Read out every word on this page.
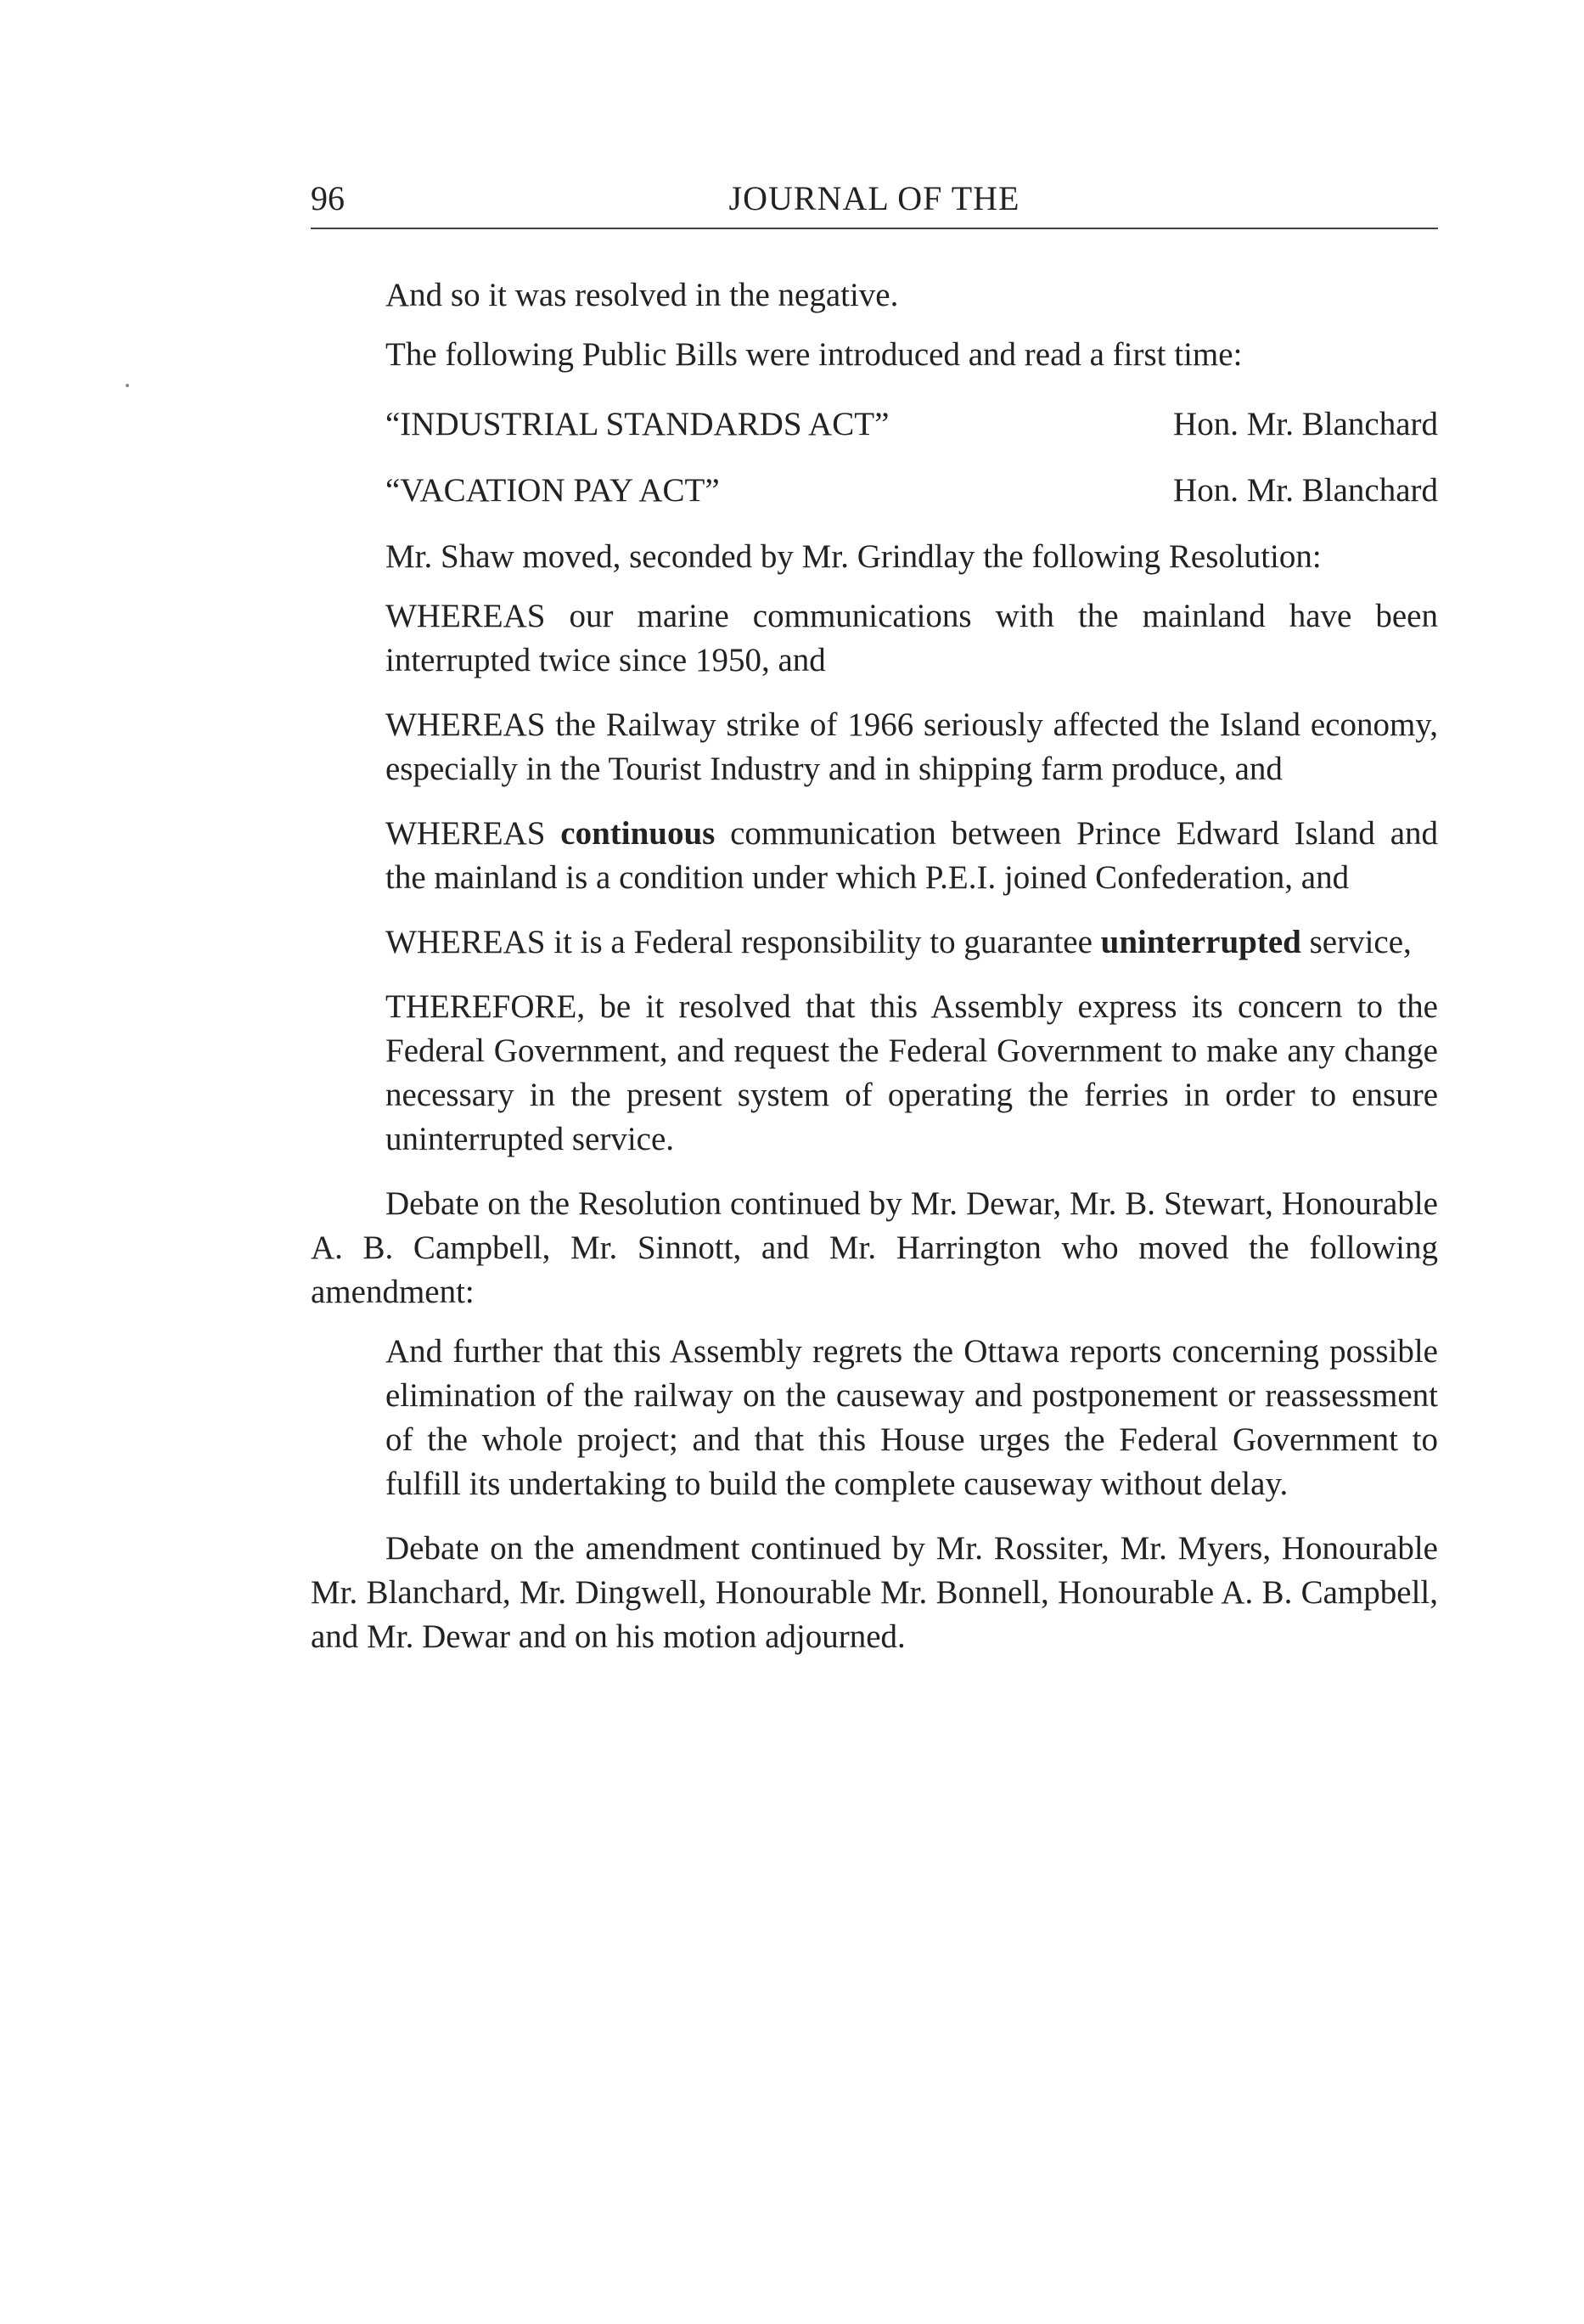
96	JOURNAL OF THE

And so it was resolved in the negative.

The following Public Bills were introduced and read a first time:

“INDUSTRIAL STANDARDS ACT”	Hon. Mr. Blanchard
“VACATION PAY ACT”	Hon. Mr. Blanchard

Mr. Shaw moved, seconded by Mr. Grindlay the following Resolution:

WHEREAS our marine communications with the mainland have been interrupted twice since 1950, and

WHEREAS the Railway strike of 1966 seriously affected the Island economy, especially in the Tourist Industry and in shipping farm produce, and

WHEREAS continuous communication between Prince Edward Island and the mainland is a condition under which P.E.I. joined Confederation, and

WHEREAS it is a Federal responsibility to guarantee uninterrupted service,

THEREFORE, be it resolved that this Assembly express its concern to the Federal Government, and request the Federal Government to make any change necessary in the present system of operating the ferries in order to ensure uninterrupted service.

Debate on the Resolution continued by Mr. Dewar, Mr. B. Stewart, Honourable A. B. Campbell, Mr. Sinnott, and Mr. Harrington who moved the following amendment:

And further that this Assembly regrets the Ottawa reports concerning possible elimination of the railway on the causeway and postponement or reassessment of the whole project; and that this House urges the Federal Government to fulfill its undertaking to build the complete causeway without delay.

Debate on the amendment continued by Mr. Rossiter, Mr. Myers, Honourable Mr. Blanchard, Mr. Dingwell, Honourable Mr. Bonnell, Honourable A. B. Campbell, and Mr. Dewar and on his motion adjourned.
